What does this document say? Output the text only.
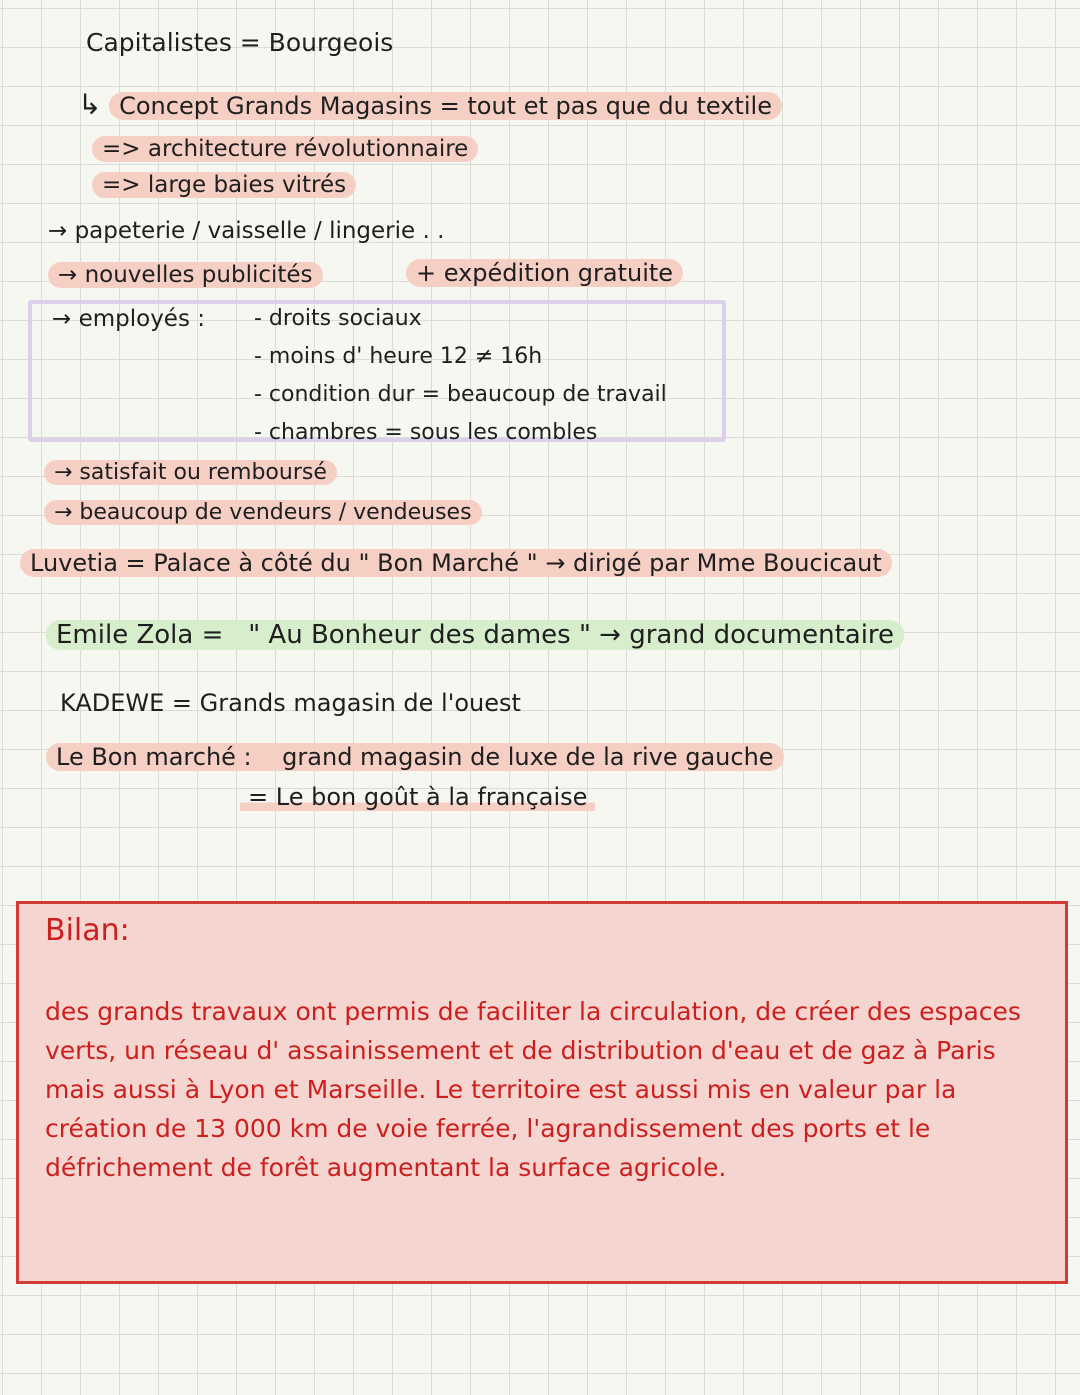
Capitalistes = Bourgeois
↳ Concept Grands Magasins = tout et pas que du textile
=> architecture révolutionnaire
=> large baies vitrés
→ papeterie / vaisselle / lingerie . .
→ nouvelles publicités	+ expédition gratuite
→ employés : - droits sociaux
- moins d' heure 12 ≠ 16h
- condition dur = beaucoup de travail
- chambres = sous les combles
→ satisfait ou remboursé
→ beaucoup de vendeurs / vendeuses
Luvetia = Palace à côté du " Bon Marché " → dirigé par Mme Boucicaut
Emile Zola = " Au Bonheur des dames " → grand documentaire
KADEWE = Grands magasin de l'ouest
Le Bon marché : grand magasin de luxe de la rive gauche
= Le bon goût à la française
Bilan:
des grands travaux ont permis de faciliter la circulation, de créer des espaces verts, un réseau d' assainissement et de distribution d'eau et de gaz à Paris mais aussi à Lyon et Marseille. Le territoire est aussi mis en valeur par la création de 13 000 km de voie ferrée, l'agrandissement des ports et le défrichement de forêt augmentant la surface agricole.
